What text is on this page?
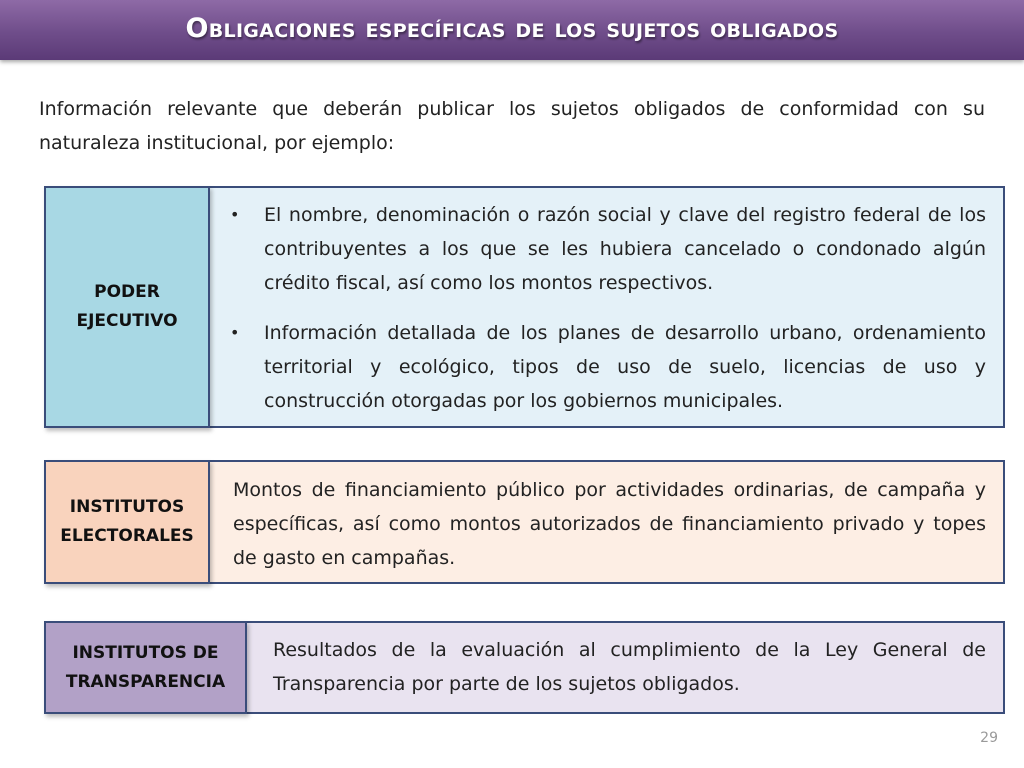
Obligaciones específicas de los sujetos obligados
Información relevante que deberán publicar los sujetos obligados de conformidad con su naturaleza institucional, por ejemplo:
• El nombre, denominación o razón social y clave del registro federal de los contribuyentes a los que se les hubiera cancelado o condonado algún crédito fiscal, así como los montos respectivos.
• Información detallada de los planes de desarrollo urbano, ordenamiento territorial y ecológico, tipos de uso de suelo, licencias de uso y construcción otorgadas por los gobiernos municipales.
PODER
EJECUTIVO
Montos de financiamiento público por actividades ordinarias, de campaña y específicas, así como montos autorizados de financiamiento privado y topes de gasto en campañas.
INSTITUTOS
ELECTORALES
Resultados de la evaluación al cumplimiento de la Ley General de Transparencia por parte de los sujetos obligados.
INSTITUTOS DE
TRANSPARENCIA
29
